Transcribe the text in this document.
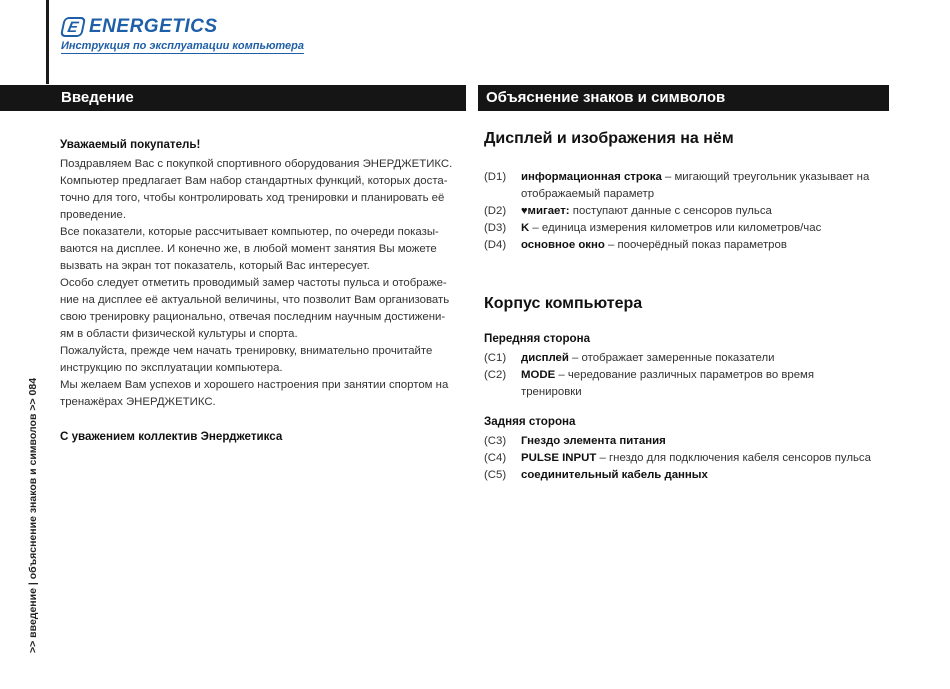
E ENERGETICS
Инструкция по эксплуатации компьютера
Введение	Объяснение знаков и символов
Уважаемый покупатель!

Поздравляем Вас с покупкой спортивного оборудования ЭНЕРДЖЕТИКС.

Компьютер предлагает Вам набор стандартных функций, которых доста-

точно для того, чтобы контролировать ход тренировки и планировать её

проведение.

Все показатели, которые рассчитывает компьютер, по очереди показы-

ваются на дисплее. И конечно же, в любой момент занятия Вы можете

вызвать на экран тот показатель, который Вас интересует.

Особо следует отметить проводимый замер частоты пульса и отображе-

ние на дисплее её актуальной величины, что позволит Вам организовать

свою тренировку рационально, отвечая последним научным достижени-

ям в области физической культуры и спорта.

Пожалуйста, прежде чем начать тренировку, внимательно прочитайте

инструкцию по эксплуатации компьютера.

Мы желаем Вам успехов и хорошего настроения при занятии спортом на

тренажёрах ЭНЕРДЖЕТИКС.

С уважением коллектив Энерджетикса
Дисплей и изображения на нём
(D1)	информационная строка – мигающий треугольник указывает на
отображаемый параметр
(D2)	♥мигает: поступают данные с сенсоров пульса
(D3)	K – единица измерения километров или километров/час
(D4)	основное окно – поочерёдный показ параметров
Корпус компьютера
Передняя сторона
(C1)	дисплей – отображает замеренные показатели
(C2)	MODE – чередование различных параметров во время
тренировки
Задняя сторона
(C3)	Гнездо элемента питания
(C4)	PULSE INPUT – гнездо для подключения кабеля сенсоров пульса
(C5)	соединительный кабель данных
>> введение | объяснение знаков и символов >> 084
